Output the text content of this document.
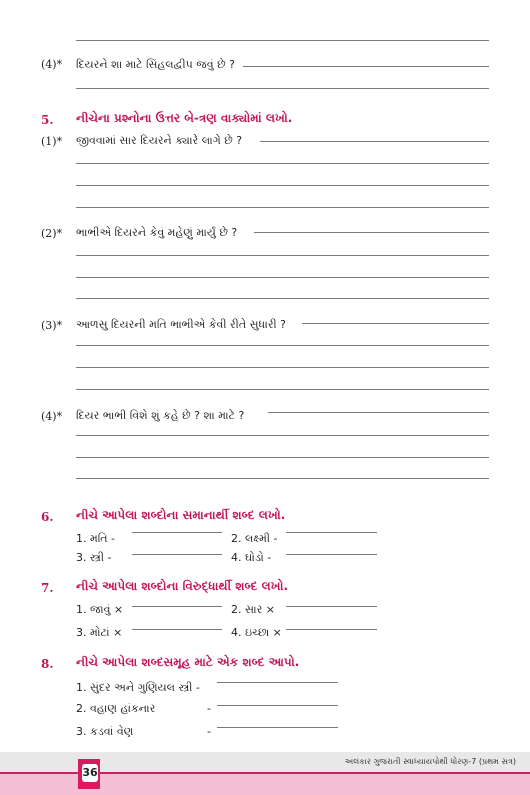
(4)* દિયરને શા માટે સિંહલદ્વીપ જવું છે ?
5. નીચેના પ્રશ્નોના ઉત્તર બે-ત્રણ વાક્યોમાં લખો.
(1)* જીવવામાં સાર દિયરને ક્યારે લાગે છે ?
(2)* ભાભીએ દિયરને કેવું મહેણું માર્યું છે ?
(3)* આળસુ દિયરની મતિ ભાભીએ કેવી રીતે સુધારી ?
(4)* દિયર ભાભી વિશે શું કહે છે ? શા માટે ?
6. નીચે આપેલા શબ્દોના સમાનાર્થી શબ્દ લખો.
1. મતિ -	2. લક્ષ્મી -
3. સ્ત્રી -	4. ઘોડો -
7. નીચે આપેલા શબ્દોના વિરુદ્ધાર્થી શબ્દ લખો.
1. જાવું ×	2. સાર ×
3. મોટાં ×	4. ઇચ્છા ×
8. નીચે આપેલા શબ્દસમૂહ માટે એક શબ્દ આપો.
1. સુંદર અને ગુણિયલ સ્ત્રી -
2. વહાણ હાંકનાર	-
3. કડવાં વેણ	-
અલંકાર ગુજરાતી સ્વાધ્યાયપોથી ધોરણ-7 (પ્રથમ સત્ર)
36
